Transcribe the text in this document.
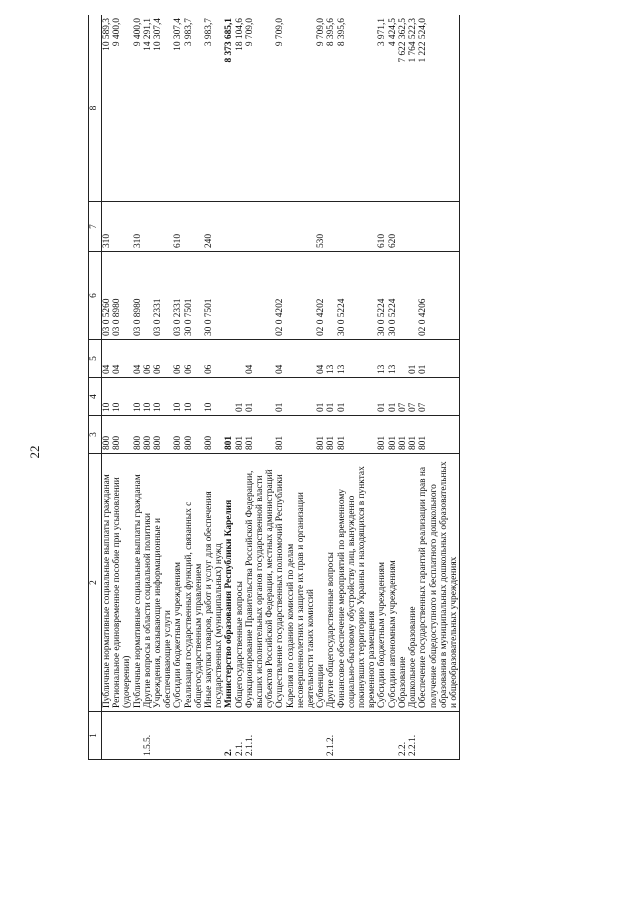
22
1	2	3	4	5	6	7	8
	Публичные нормативные социальные выплаты гражданам	800	10	04	03 0 5260	310	10 589,3
	Региональное единовременное пособие при усыновлении (удочерении)	800	10	04	03 0 8980		9 400,0
	Публичные нормативные социальные выплаты гражданам	800	10	04	03 0 8980	310	9 400,0
1.5.5.	Другие вопросы в области социальной политики	800	10	06			14 291,1
	Учреждения, оказывающие информационные и обеспечивающие услуги	800	10	06	03 0 2331		10 307,4
	Субсидии бюджетным учреждениям	800	10	06	03 0 2331	610	10 307,4
	Реализация государственных функций, связанных с общегосударственным управлением	800	10	06	30 0 7501		3 983,7
	Иные закупки товаров, работ и услуг для обеспечения государственных (муниципальных) нужд	800	10	06	30 0 7501	240	3 983,7
2.	Министерство образования Республики Карелия	801					8 373 685,1
2.1.	Общегосударственные вопросы	801	01				18 104,6
2.1.1.	Функционирование Правительства Российской Федерации, высших исполнительных органов государственной власти субъектов Российской Федерации, местных администраций	801	01	04			9 709,0
	Осуществление государственных полномочий Республики Карелия по созданию комиссий по делам несовершеннолетних и защите их прав и организации деятельности таких комиссий	801	01	04	02 0 4202		9 709,0
	Субвенции	801	01	04	02 0 4202	530	9 709,0
2.1.2.	Другие общегосударственные вопросы	801	01	13			8 395,6
	Финансовое обеспечение мероприятий по временному социально-бытовому обустройству лиц, вынужденно покинувших территорию Украины и находящихся в пунктах временного размещения	801	01	13	30 0 5224		8 395,6
	Субсидии бюджетным учреждениям	801	01	13	30 0 5224	610	3 971,1
	Субсидии автономным учреждениям	801	01	13	30 0 5224	620	4 424,5
2.2.	Образование	801	07				7 622 362,5
2.2.1.	Дошкольное образование	801	07	01			1 764 522,3
	Обеспечение государственных гарантий реализации прав на получение общедоступного и бесплатного дошкольного образования в муниципальных дошкольных образовательных и общеобразовательных учреждениях	801	07	01	02 0 4206		1 222 524,0
